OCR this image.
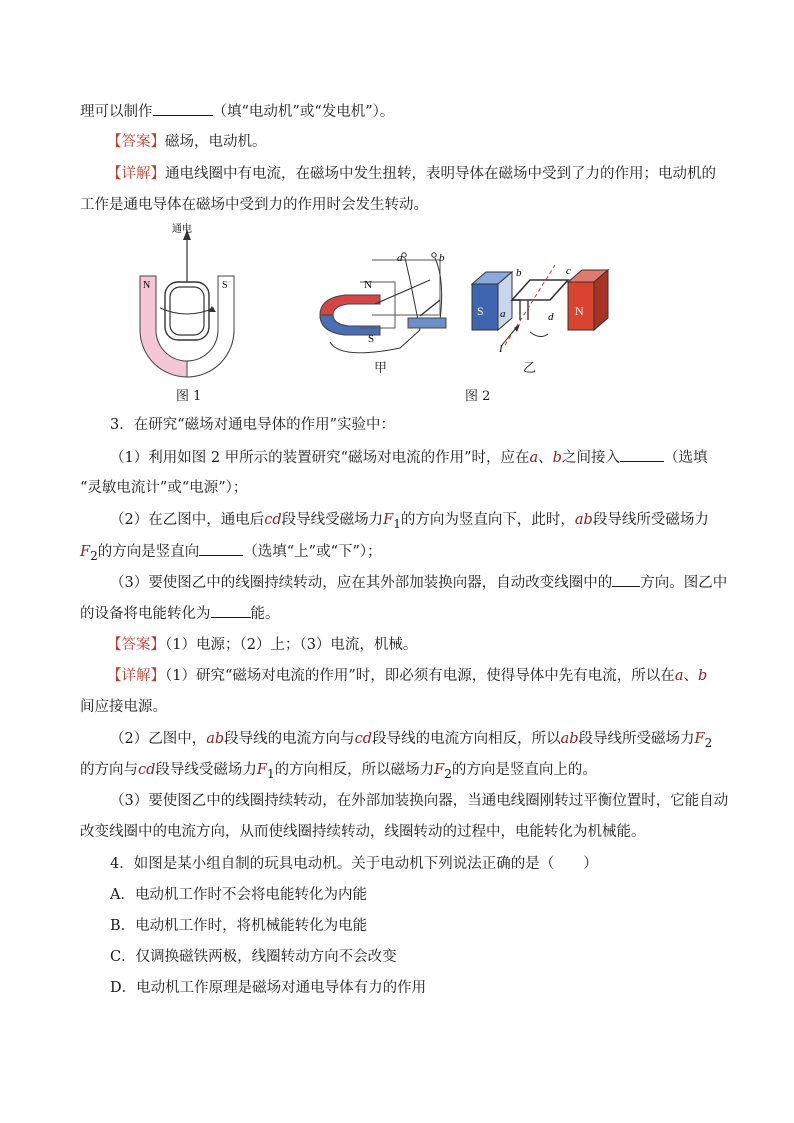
理可以制作	（填“电动机”或“发电机”）。
【答案】磁场，电动机。
【详解】通电线圈中有电流，在磁场中发生扭转，表明导体在磁场中受到了力的作用；电动机的
工作是通电导体在磁场中受到力的作用时会发生转动。
通电
N	S	N
S
a	b
S	N
a
b	c
d
I
甲	乙
图 1	图 2
3．在研究“磁场对通电导体的作用”实验中：
（1）利用如图 2 甲所示的装置研究“磁场对电流的作用”时，应在a、b之间接入	（选填
“灵敏电流计”或“电源”）；
（2）在乙图中，通电后cd段导线受磁场力$F_1$的方向为竖直向下，此时，ab段导线所受磁场力
$F_2$的方向是竖直向	（选填“上”或“下”）；
（3）要使图乙中的线圈持续转动，应在其外部加装换向器，自动改变线圈中的 方向。图乙中
的设备将电能转化为	能。
【答案】（1）电源；（2）上；（3）电流，机械。
【详解】（1）研究“磁场对电流的作用”时，即必须有电源，使得导体中先有电流，所以在a、b
间应接电源。
（2）乙图中，ab段导线的电流方向与cd段导线的电流方向相反，所以ab段导线所受磁场力$F_2$
的方向与cd段导线受磁场力$F_1$的方向相反，所以磁场力$F_2$的方向是竖直向上的。
（3）要使图乙中的线圈持续转动，在外部加装换向器，当通电线圈刚转过平衡位置时，它能自动
改变线圈中的电流方向，从而使线圈持续转动，线圈转动的过程中，电能转化为机械能。
4．如图是某小组自制的玩具电动机。关于电动机下列说法正确的是（　　）
A．电动机工作时不会将电能转化为内能
B．电动机工作时，将机械能转化为电能
C．仅调换磁铁两极，线圈转动方向不会改变
D．电动机工作原理是磁场对通电导体有力的作用
